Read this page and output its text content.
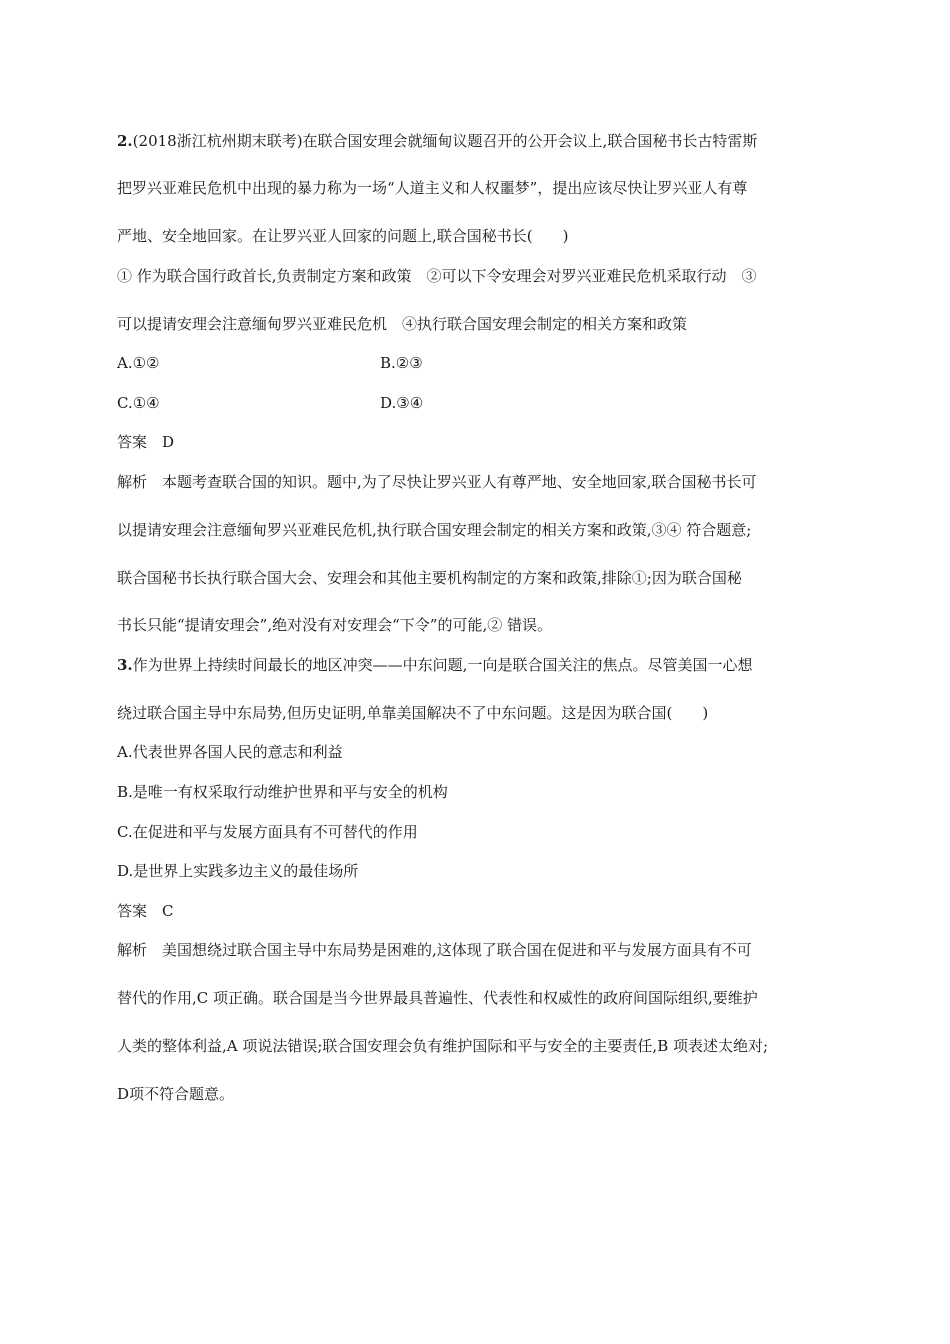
2.(2018浙江杭州期末联考)在联合国安理会就缅甸议题召开的公开会议上,联合国秘书长古特雷斯
把罗兴亚难民危机中出现的暴力称为一场“人道主义和人权噩梦”，提出应该尽快让罗兴亚人有尊
严地、安全地回家。在让罗兴亚人回家的问题上,联合国秘书长(　　)
① 作为联合国行政首长,负责制定方案和政策　②可以下令安理会对罗兴亚难民危机采取行动　③
可以提请安理会注意缅甸罗兴亚难民危机　④执行联合国安理会制定的相关方案和政策
A.①②	B.②③
C.①④	D.③④
答案　D
解析　本题考查联合国的知识。题中,为了尽快让罗兴亚人有尊严地、安全地回家,联合国秘书长可
以提请安理会注意缅甸罗兴亚难民危机,执行联合国安理会制定的相关方案和政策,③④ 符合题意;
联合国秘书长执行联合国大会、安理会和其他主要机构制定的方案和政策,排除①;因为联合国秘
书长只能“提请安理会”,绝对没有对安理会“下令”的可能,② 错误。
3.作为世界上持续时间最长的地区冲突——中东问题,一向是联合国关注的焦点。尽管美国一心想
绕过联合国主导中东局势,但历史证明,单靠美国解决不了中东问题。这是因为联合国(　　)
A.代表世界各国人民的意志和利益
B.是唯一有权采取行动维护世界和平与安全的机构
C.在促进和平与发展方面具有不可替代的作用
D.是世界上实践多边主义的最佳场所
答案　C
解析　美国想绕过联合国主导中东局势是困难的,这体现了联合国在促进和平与发展方面具有不可
替代的作用,C 项正确。联合国是当今世界最具普遍性、代表性和权威性的政府间国际组织,要维护
人类的整体利益,A 项说法错误;联合国安理会负有维护国际和平与安全的主要责任,B 项表述太绝对;
D项不符合题意。
